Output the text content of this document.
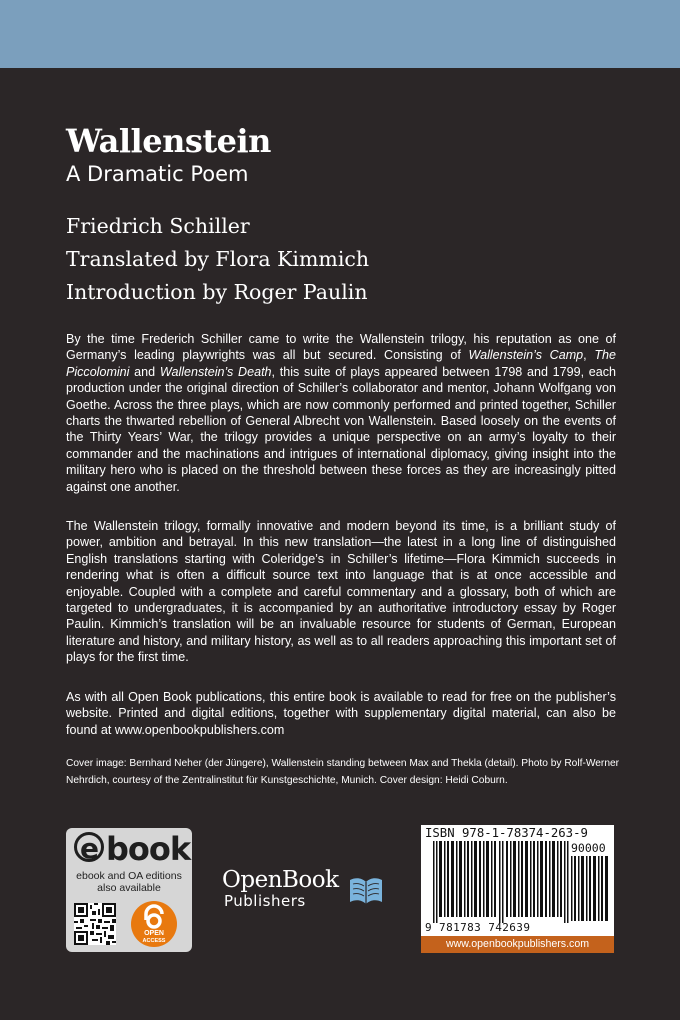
Wallenstein
A Dramatic Poem
Friedrich Schiller
Translated by Flora Kimmich
Introduction by Roger Paulin

By the time Frederich Schiller came to write the Wallenstein trilogy, his reputation as one of Germany’s leading playwrights was all but secured. Consisting of Wallenstein’s Camp, The Piccolomini and Wallenstein’s Death, this suite of plays appeared between 1798 and 1799, each production under the original direction of Schiller’s collaborator and mentor, Johann Wolfgang von Goethe. Across the three plays, which are now commonly performed and printed together, Schiller charts the thwarted rebellion of General Albrecht von Wallenstein. Based loosely on the events of the Thirty Years’ War, the trilogy provides a unique perspective on an army’s loyalty to their commander and the machinations and intrigues of international diplomacy, giving insight into the military hero who is placed on the threshold between these forces as they are increasingly pitted against one another.

The Wallenstein trilogy, formally innovative and modern beyond its time, is a brilliant study of power, ambition and betrayal. In this new translation—the latest in a long line of distinguished English translations starting with Coleridge’s in Schiller’s lifetime—Flora Kimmich succeeds in rendering what is often a difficult source text into language that is at once accessible and enjoyable. Coupled with a complete and careful commentary and a glossary, both of which are targeted to undergraduates, it is accompanied by an authoritative introductory essay by Roger Paulin. Kimmich’s translation will be an invaluable resource for students of German, European literature and history, and military history, as well as to all readers approaching this important set of plays for the first time.

As with all Open Book publications, this entire book is available to read for free on the publisher’s website. Printed and digital editions, together with supplementary digital material, can also be found at www.openbookpublishers.com

Cover image: Bernhard Neher (der Jüngere), Wallenstein standing between Max and Thekla (detail). Photo by Rolf-Werner Nehrdich, courtesy of the Zentralinstitut für Kunstgeschichte, Munich. Cover design: Heidi Coburn.

e book
ebook and OA editions
also available
OPEN
ACCESS
OpenBook
Publishers
ISBN 978-1-78374-263-9
90000
9 781783 742639
www.openbookpublishers.com
